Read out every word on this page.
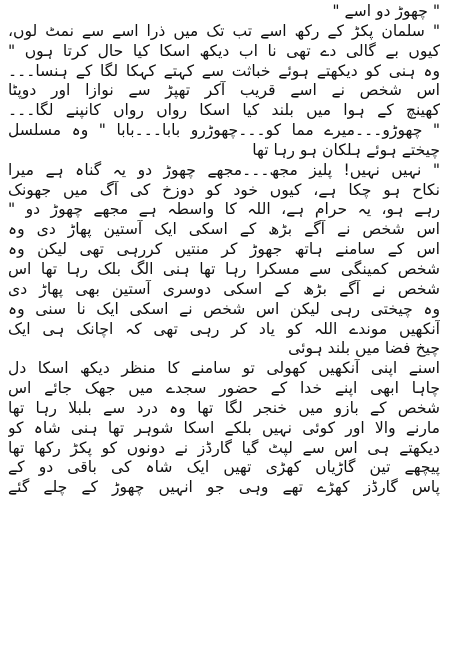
" چھوڑ دو اسے "
" سلمان پکڑ کے رکھ اسے تب تک میں ذرا اسے سے نمٹ لوں،
کیوں بے گالی دے تھی نا اب دیکھ اسکا کیا حال کرتا ہوں "
وہ ہنی کو دیکھتے ہوئے خباثت سے کہتے کہکا لگا کے ہنسا۔۔۔
اس شخص نے اسے قریب آکر تھپڑ سے نوازا اور دوپٹا
کھینچ کے ہوا میں بلند کیا اسکا رواں رواں کانپنے لگا۔۔۔
" چھوڑو۔۔۔میرے مما کو۔۔۔چھوڑرو بابا۔۔۔بابا " وہ مسلسل
چیختے ہوئے ہلکان ہو رہا تھا
" نہیں نہیں! پلیز مجھ۔۔۔مجھے چھوڑ دو یہ گناہ ہے میرا
نکاح ہو چکا ہے، کیوں خود کو دوزخ کی آگ میں جھونک
رہے ہو، یہ حرام ہے، اللہ کا واسطہ ہے مجھے چھوڑ دو "
اس شخص نے آگے بڑھ کے اسکی ایک آستین پھاڑ دی وہ
اس کے سامنے ہاتھ جھوڑ کر منتیں کررہی تھی لیکن وہ
شخص کمینگی سے مسکرا رہا تھا ہنی الگ بلک رہا تھا اس
شخص نے آگے بڑھ کے اسکی دوسری آستین بھی پھاڑ دی
وہ چیختی رہی لیکن اس شخص نے اسکی ایک نا سنی وہ
آنکھیں موندے اللہ کو یاد کر رہی تھی کہ اچانک ہی ایک
چیخ فضا میں بلند ہوئی
اسنے اپنی آنکھیں کھولی تو سامنے کا منظر دیکھ اسکا دل
چاہا ابھی اپنے خدا کے حضور سجدے میں جھک جائے اس
شخص کے بازو میں خنجر لگا تھا وہ درد سے بلبلا رہا تھا
مارنے والا اور کوئی نہیں بلکے اسکا شوہر تھا ہنی شاہ کو
دیکھتے ہی اس سے لپٹ گیا گارڈز نے دونوں کو پکڑ رکھا تھا
پیچھے تین گاڑیاں کھڑی تھیں ایک شاہ کی باقی دو کے
پاس گارڈز کھڑے تھے وہی جو انہیں چھوڑ کے چلے گئے
